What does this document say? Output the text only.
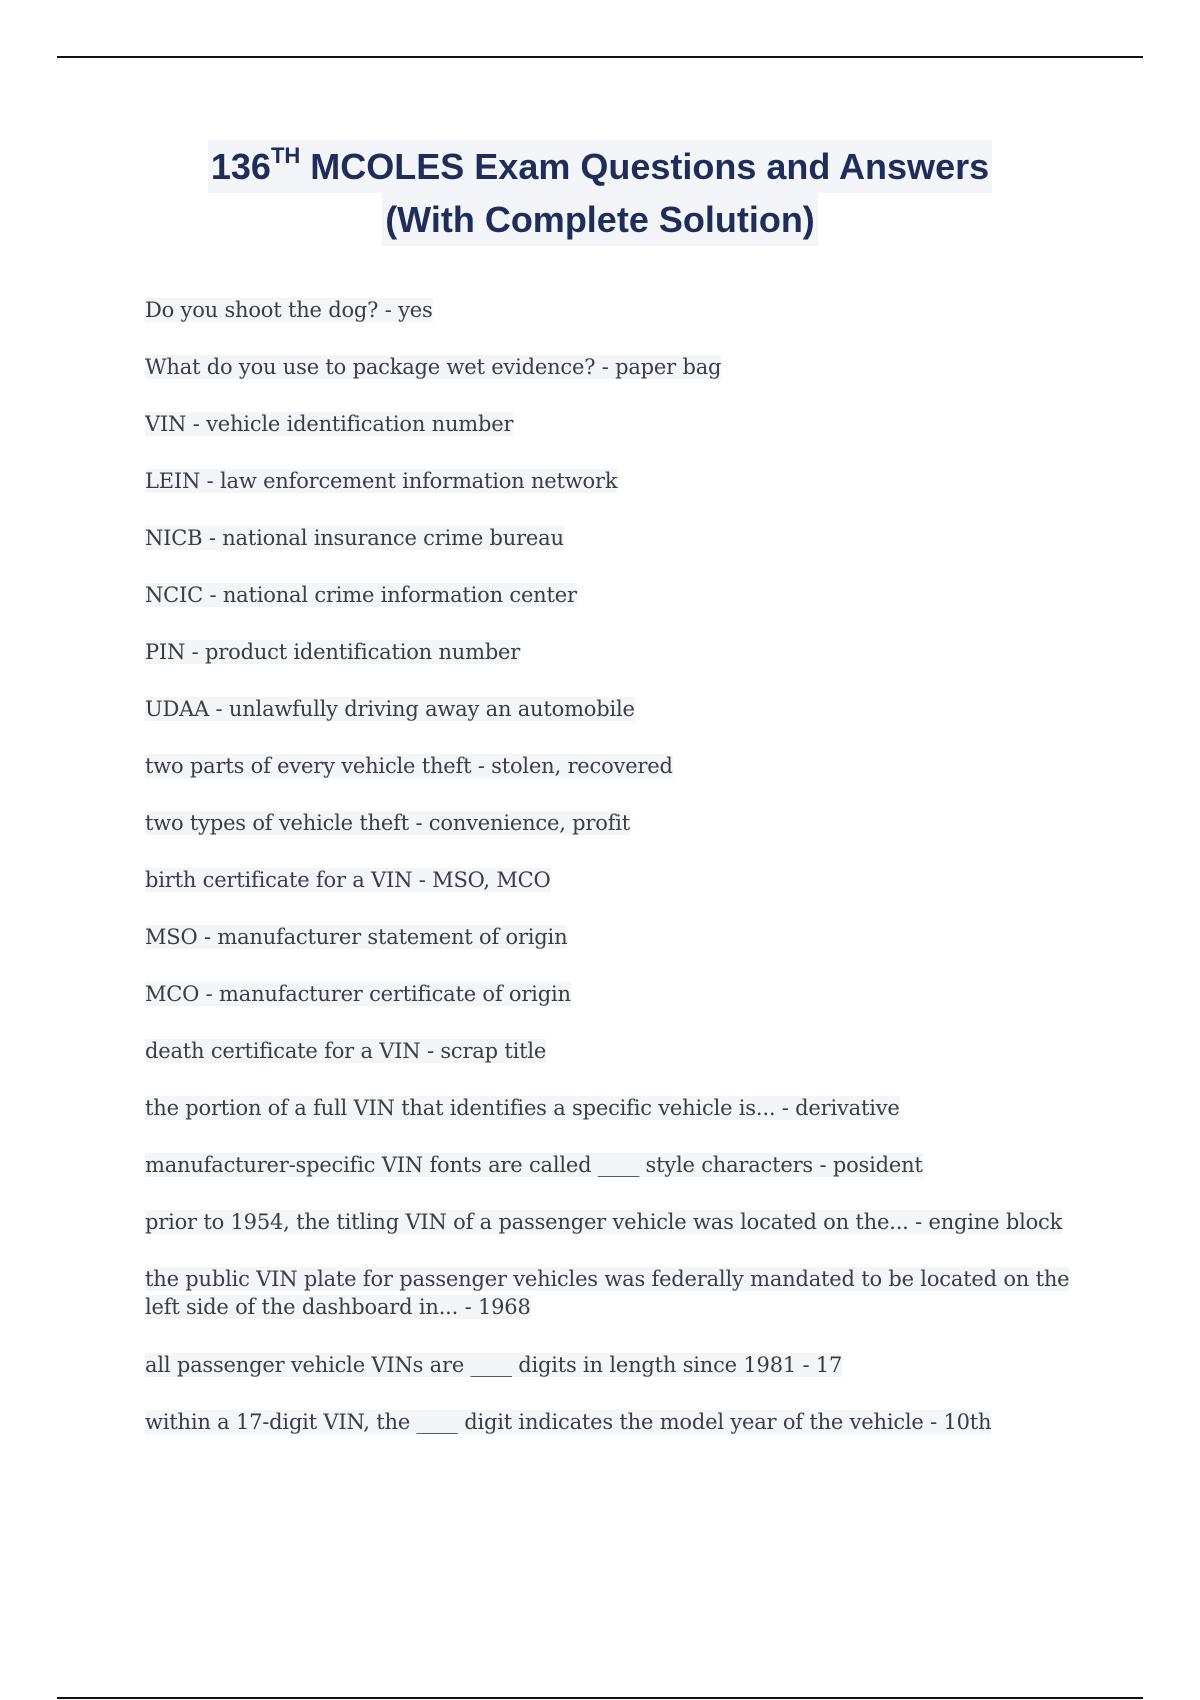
136TH MCOLES Exam Questions and Answers
(With Complete Solution)
Do you shoot the dog? - yes
What do you use to package wet evidence? - paper bag
VIN - vehicle identification number
LEIN - law enforcement information network
NICB - national insurance crime bureau
NCIC - national crime information center
PIN - product identification number
UDAA - unlawfully driving away an automobile
two parts of every vehicle theft - stolen, recovered
two types of vehicle theft - convenience, profit
birth certificate for a VIN - MSO, MCO
MSO - manufacturer statement of origin
MCO - manufacturer certificate of origin
death certificate for a VIN - scrap title
the portion of a full VIN that identifies a specific vehicle is... - derivative
manufacturer-specific VIN fonts are called ____ style characters - posident
prior to 1954, the titling VIN of a passenger vehicle was located on the... - engine block
the public VIN plate for passenger vehicles was federally mandated to be located on the left side of the dashboard in... - 1968
all passenger vehicle VINs are ____ digits in length since 1981 - 17
within a 17-digit VIN, the ____ digit indicates the model year of the vehicle - 10th
